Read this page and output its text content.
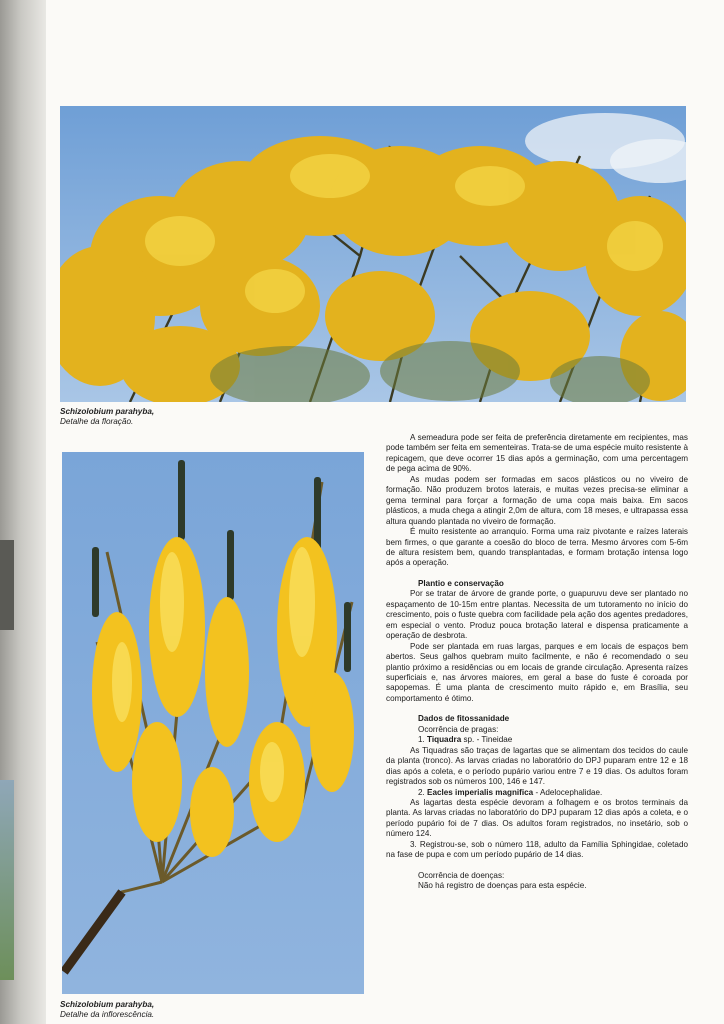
Schizolobium parahyba,
Detalhe da floração.
Schizolobium parahyba,
Detalhe da inflorescência.

A semeadura pode ser feita de preferência diretamente em recipientes, mas pode também ser feita em sementeiras. Trata-se de uma espécie muito resistente à repicagem, que deve ocorrer 15 dias após a germinação, com uma percentagem de pega acima de 90%.

As mudas podem ser formadas em sacos plásticos ou no viveiro de formação. Não produzem brotos laterais, e muitas vezes precisa-se eliminar a gema terminal para forçar a formação de uma copa mais baixa. Em sacos plásticos, a muda chega a atingir 2,0m de altura, com 18 meses, e ultrapassa essa altura quando plantada no viveiro de formação.

É muito resistente ao arranquio. Forma uma raiz pivotante e raízes laterais bem firmes, o que garante a coesão do bloco de terra. Mesmo árvores com 5-6m de altura resistem bem, quando transplantadas, e formam brotação intensa logo após a operação.

Plantio e conservação

Por se tratar de árvore de grande porte, o guapuruvu deve ser plantado no espaçamento de 10-15m entre plantas. Necessita de um tutoramento no início do crescimento, pois o fuste quebra com facilidade pela ação dos agentes predadores, em especial o vento. Produz pouca brotação lateral e dispensa praticamente a operação de desbrota.

Pode ser plantada em ruas largas, parques e em locais de espaços bem abertos. Seus galhos quebram muito facilmente, e não é recomendado o seu plantio próximo a residências ou em locais de grande circulação. Apresenta raízes superficiais e, nas árvores maiores, em geral a base do fuste é coroada por sapopemas. É uma planta de crescimento muito rápido e, em Brasília, seu comportamento é ótimo.

Dados de fitossanidade

Ocorrência de pragas:

1. Tiquadra sp. - Tineidae

As Tiquadras são traças de lagartas que se alimentam dos tecidos do caule da planta (tronco). As larvas criadas no laboratório do DPJ puparam entre 12 e 18 dias após a coleta, e o período pupário variou entre 7 e 19 dias. Os adultos foram registrados sob os números 100, 146 e 147.

2. Eacles imperialis magnifica - Adelocephalidae.

As lagartas desta espécie devoram a folhagem e os brotos terminais da planta. As larvas criadas no laboratório do DPJ puparam 12 dias após a coleta, e o período pupário foi de 7 dias. Os adultos foram registrados, no insetário, sob o número 124.

3. Registrou-se, sob o número 118, adulto da Família Sphingidae, coletado na fase de pupa e com um período pupário de 14 dias.

Ocorrência de doenças:

Não há registro de doenças para esta espécie.
